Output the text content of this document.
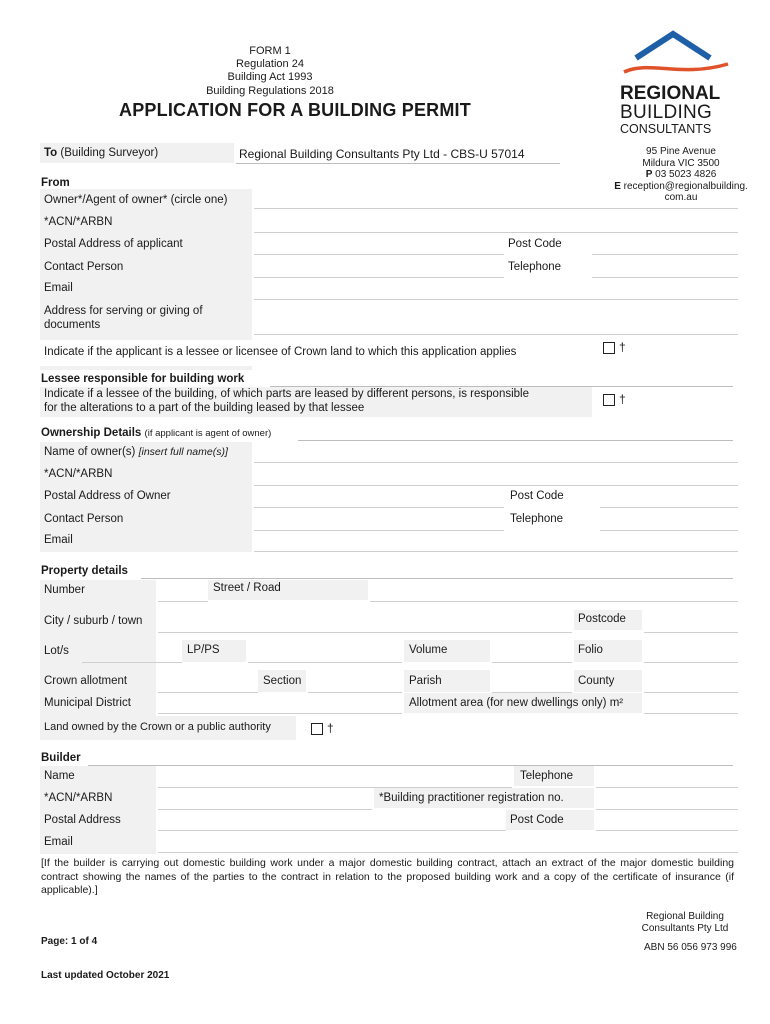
FORM 1
Regulation 24
Building Act 1993
Building Regulations 2018
APPLICATION FOR A BUILDING PERMIT
REGIONAL
BUILDING
CONSULTANTS
95 Pine Avenue
Mildura VIC 3500
P 03 5023 4826
E reception@regionalbuilding.
com.au
To (Building Surveyor)	Regional Building Consultants Pty Ltd - CBS-U 57014
From
Owner*/Agent of owner* (circle one)
*ACN/*ARBN
Postal Address of applicant	Post Code
Contact Person	Telephone
Email
Address for serving or giving of
documents
Indicate if the applicant is a lessee or licensee of Crown land to which this application applies	†
Lessee responsible for building work
Indicate if a lessee of the building, of which parts are leased by different persons, is responsible
for the alterations to a part of the building leased by that lessee
†
Ownership Details (if applicant is agent of owner)
Name of owner(s) [insert full name(s)]
*ACN/*ARBN
Postal Address of Owner	Post Code
Contact Person	Telephone
Email
Property details
Number	Street / Road
City / suburb / town	Postcode
Lot/s	LP/PS	Volume	Folio
Crown allotment	Section	Parish	County
Municipal District	Allotment area (for new dwellings only) m²
Land owned by the Crown or a public authority	†
Builder
Name	Telephone
*ACN/*ARBN	*Building practitioner registration no.
Postal Address	Post Code
Email
[If the builder is carrying out domestic building work under a major domestic building contract, attach an extract of the major domestic building contract showing the names of the parties to the contract in relation to the proposed building work and a copy of the certificate of insurance (if applicable).]
Regional Building
Consultants Pty Ltd
Page: 1 of 4
ABN 56 056 973 996
Last updated October 2021
